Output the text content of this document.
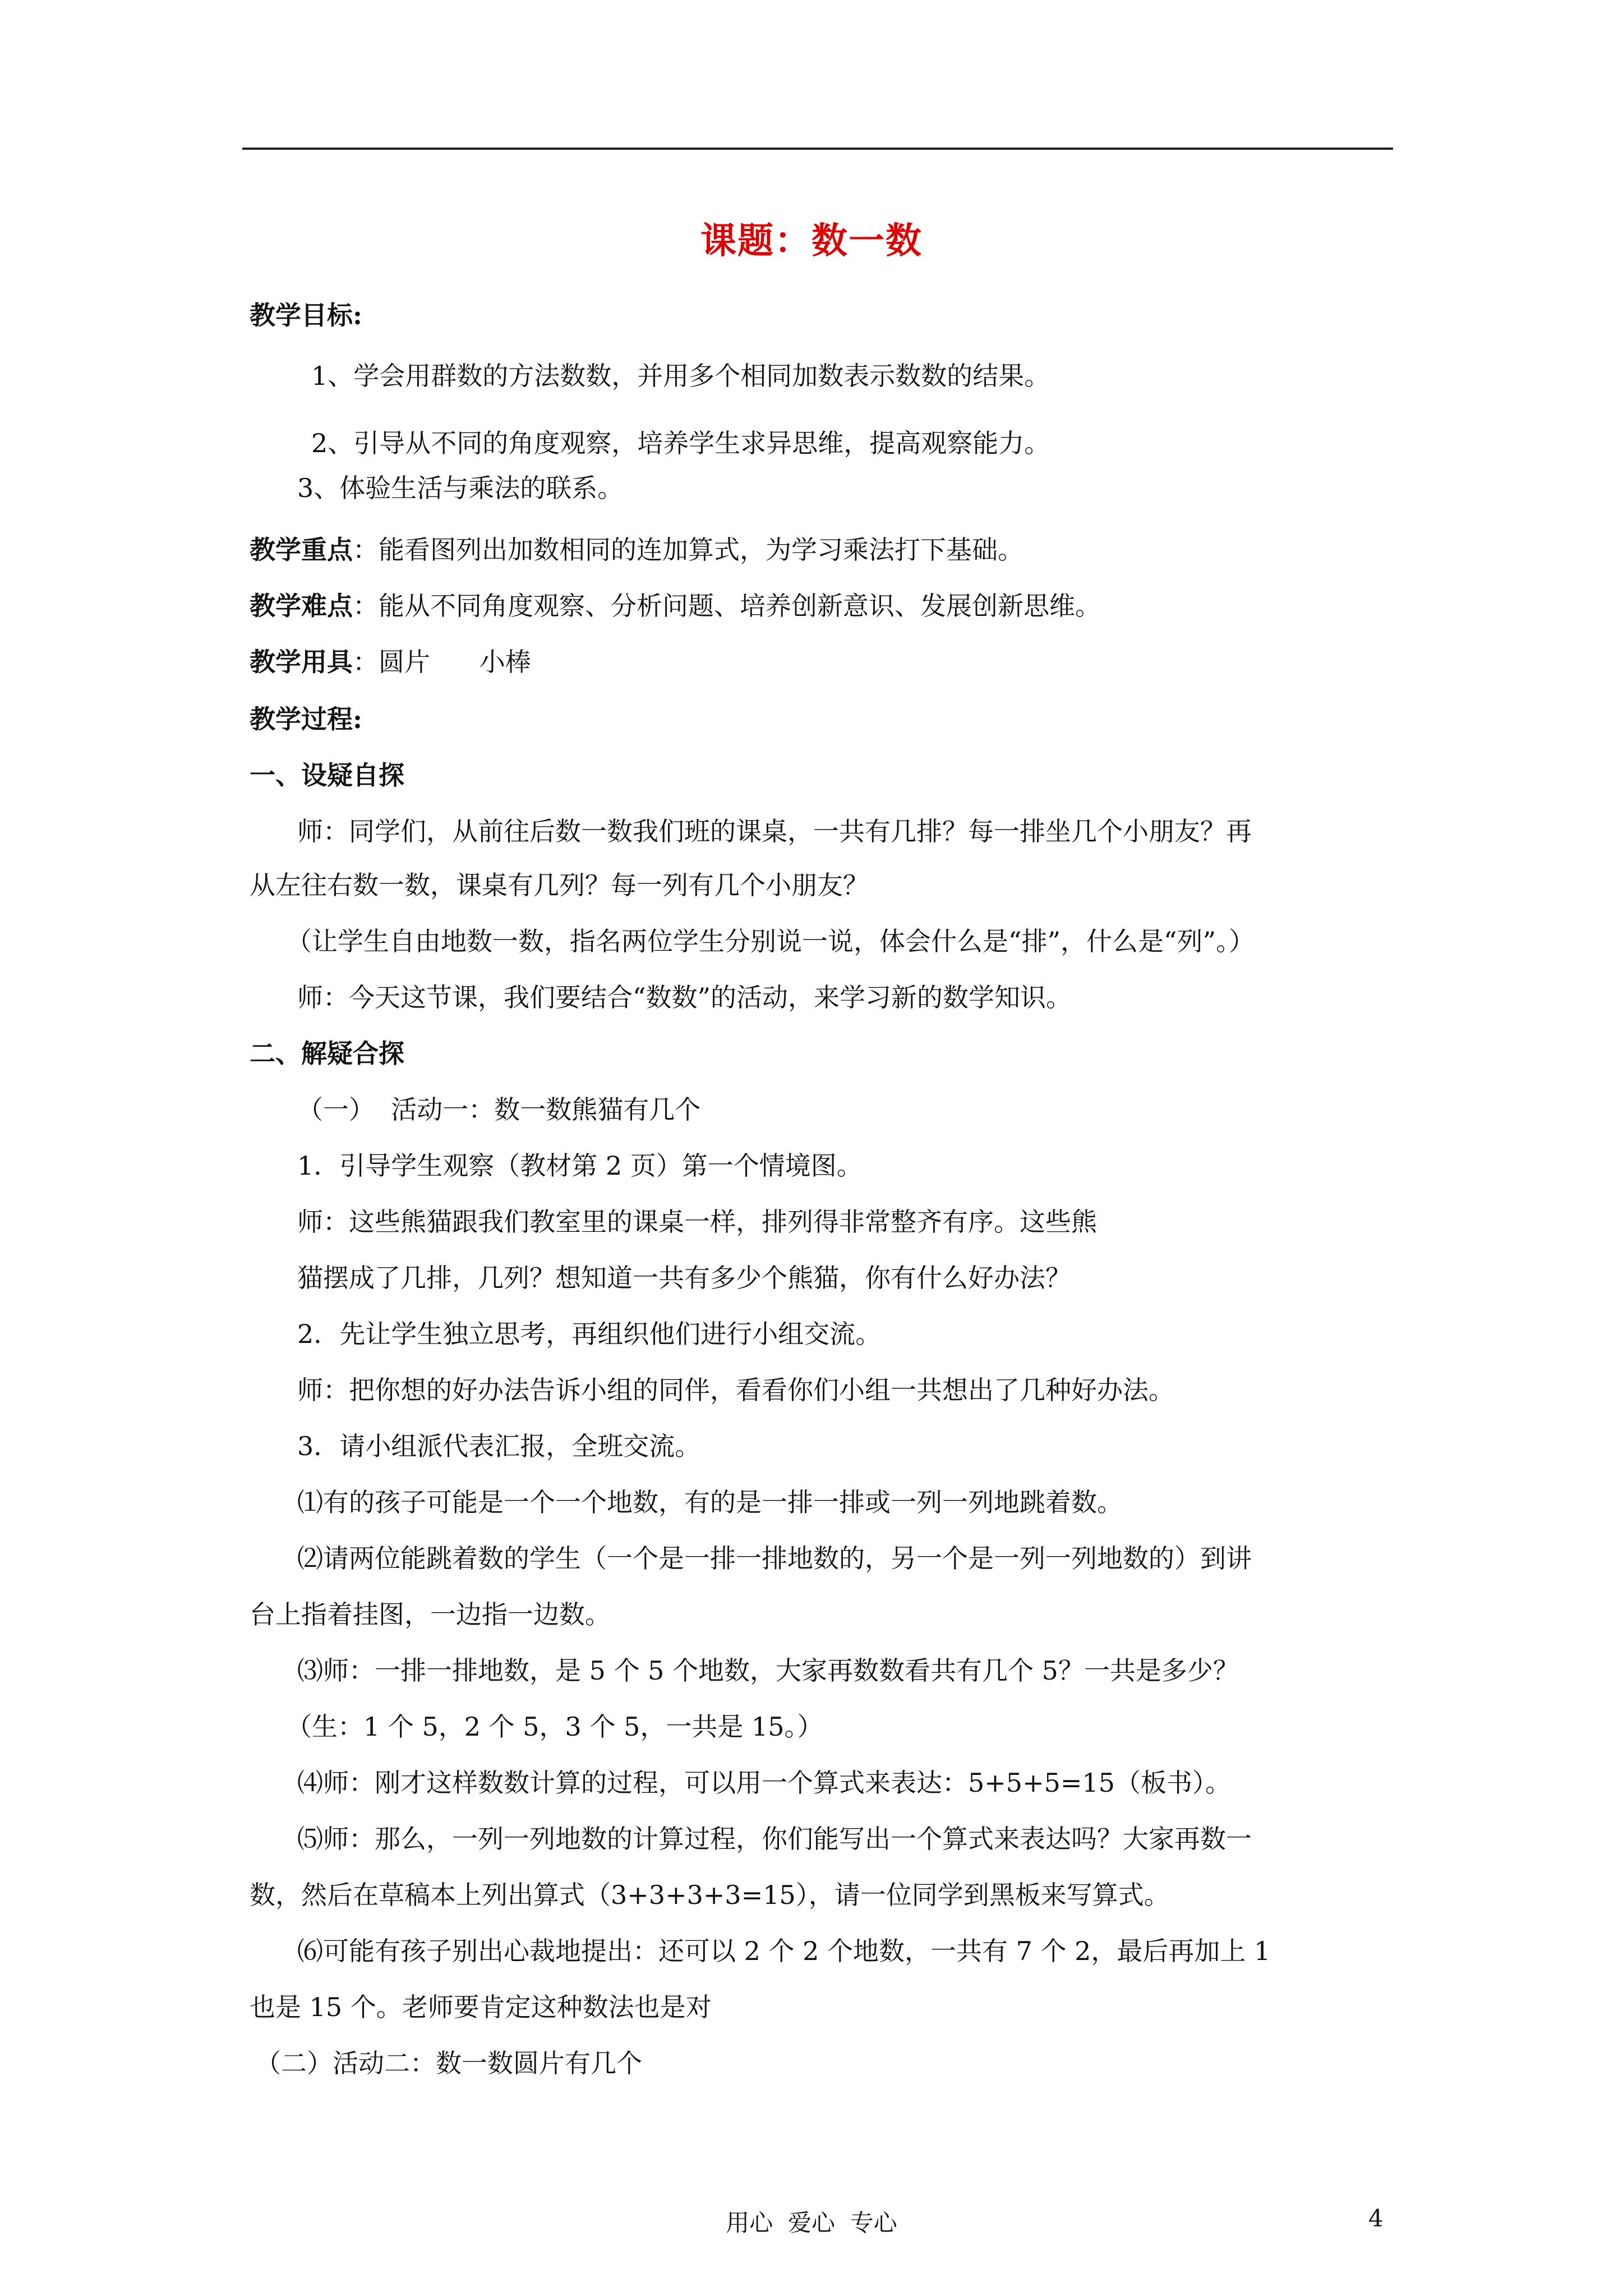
课题：数一数
教学目标:
1、学会用群数的方法数数，并用多个相同加数表示数数的结果。
2、引导从不同的角度观察，培养学生求异思维，提高观察能力。
3、体验生活与乘法的联系。
教学重点：能看图列出加数相同的连加算式，为学习乘法打下基础。
教学难点：能从不同角度观察、分析问题、培养创新意识、发展创新思维。
教学用具：圆片      小棒
教学过程:
一、设疑自探
师：同学们，从前往后数一数我们班的课桌，一共有几排？每一排坐几个小朋友？再
从左往右数一数，课桌有几列？每一列有几个小朋友？
（让学生自由地数一数，指名两位学生分别说一说，体会什么是“排”，什么是“列”。）
师：今天这节课，我们要结合“数数”的活动，来学习新的数学知识。
二、解疑合探
（一）  活动一：数一数熊猫有几个
1．引导学生观察（教材第 2 页）第一个情境图。
师：这些熊猫跟我们教室里的课桌一样，排列得非常整齐有序。这些熊
猫摆成了几排，几列？想知道一共有多少个熊猫，你有什么好办法？
2．先让学生独立思考，再组织他们进行小组交流。
师：把你想的好办法告诉小组的同伴，看看你们小组一共想出了几种好办法。
3．请小组派代表汇报，全班交流。
⑴有的孩子可能是一个一个地数，有的是一排一排或一列一列地跳着数。
⑵请两位能跳着数的学生（一个是一排一排地数的，另一个是一列一列地数的）到讲
台上指着挂图，一边指一边数。
⑶师：一排一排地数，是 5 个 5 个地数，大家再数数看共有几个 5？一共是多少？
（生：1 个 5，2 个 5，3 个 5，一共是 15。）
⑷师：刚才这样数数计算的过程，可以用一个算式来表达：5+5+5=15（板书）。
⑸师：那么，一列一列地数的计算过程，你们能写出一个算式来表达吗？大家再数一
数，然后在草稿本上列出算式（3+3+3+3=15），请一位同学到黑板来写算式。
⑹可能有孩子别出心裁地提出：还可以 2 个 2 个地数，一共有 7 个 2，最后再加上 1
也是 15 个。老师要肯定这种数法也是对
（二）活动二：数一数圆片有几个
用心  爱心  专心	4
